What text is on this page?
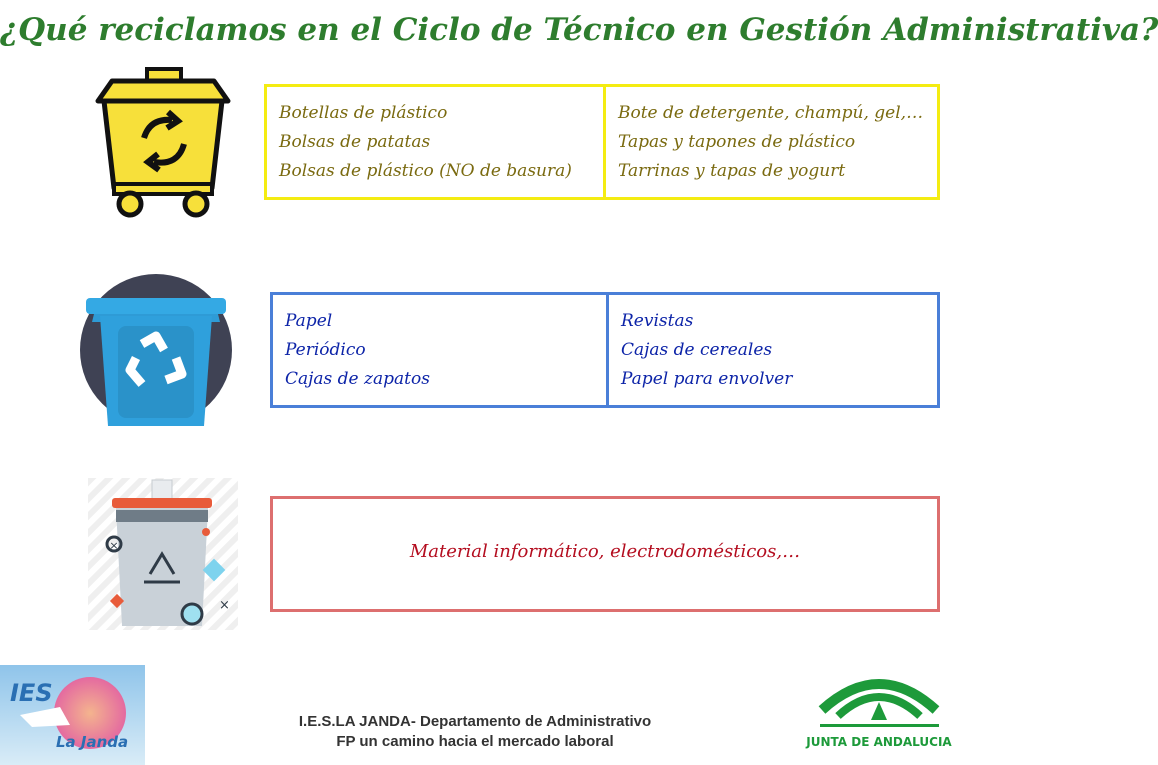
¿Qué reciclamos en el Ciclo de Técnico en Gestión Administrativa?
Botellas de plástico
Bolsas de patatas
Bolsas de plástico (NO de basura)
Bote de detergente, champú, gel,…
Tapas y tapones de plástico
Tarrinas y tapas de yogurt
Papel
Periódico
Cajas de zapatos
Revistas
Cajas de cereales
Papel para envolver
×
×
Material informático, electrodomésticos,…
IES
La Janda
I.E.S.LA JANDA- Departamento de Administrativo
FP un camino hacia el mercado laboral	JUNTA DE ANDALUCIA
